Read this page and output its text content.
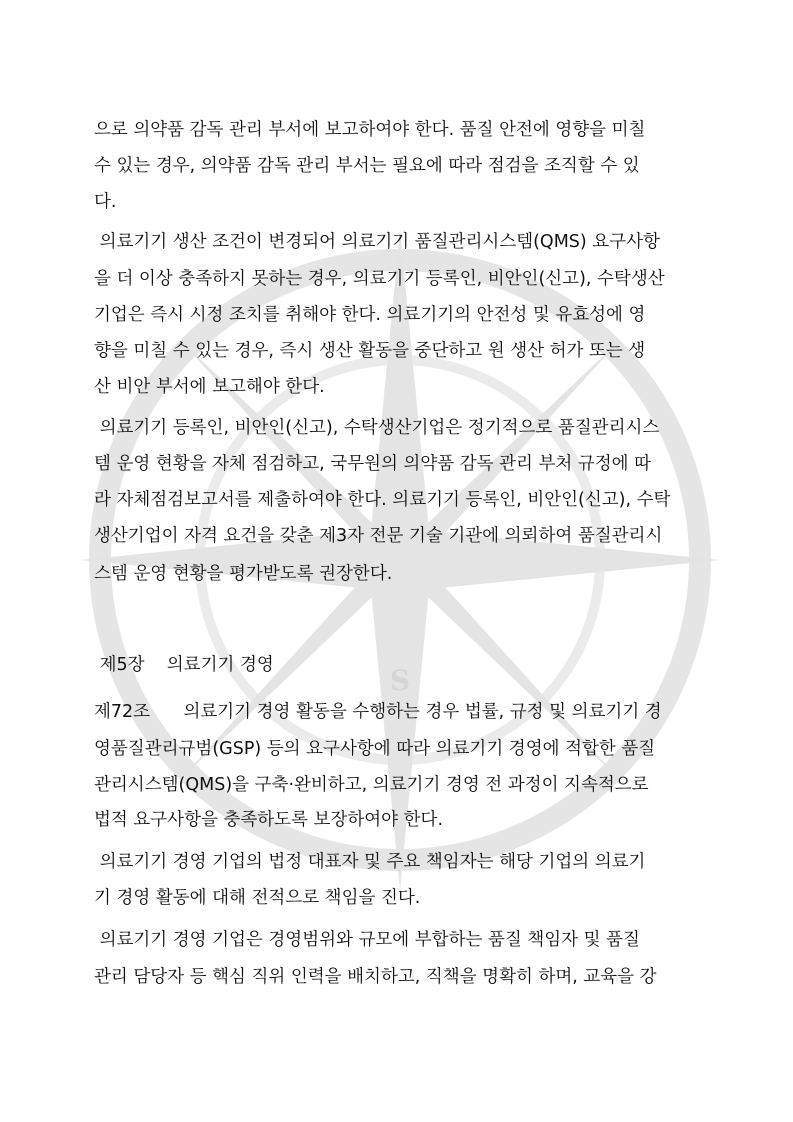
S
으로 의약품 감독 관리 부서에 보고하여야 한다. 품질 안전에 영향을 미칠
수 있는 경우, 의약품 감독 관리 부서는 필요에 따라 점검을 조직할 수 있
다.
의료기기 생산 조건이 변경되어 의료기기 품질관리시스템(QMS) 요구사항
을 더 이상 충족하지 못하는 경우, 의료기기 등록인, 비안인(신고), 수탁생산
기업은 즉시 시정 조치를 취해야 한다. 의료기기의 안전성 및 유효성에 영
향을 미칠 수 있는 경우, 즉시 생산 활동을 중단하고 원 생산 허가 또는 생
산 비안 부서에 보고해야 한다.
의료기기 등록인, 비안인(신고), 수탁생산기업은 정기적으로 품질관리시스
템 운영 현황을 자체 점검하고, 국무원의 의약품 감독 관리 부처 규정에 따
라 자체점검보고서를 제출하여야 한다. 의료기기 등록인, 비안인(신고), 수탁
생산기업이 자격 요건을 갖춘 제3자 전문 기술 기관에 의뢰하여 품질관리시
스템 운영 현황을 평가받도록 권장한다.
제5장    의료기기 경영
제72조      의료기기 경영 활동을 수행하는 경우 법률, 규정 및 의료기기 경
영품질관리규범(GSP) 등의 요구사항에 따라 의료기기 경영에 적합한 품질
관리시스템(QMS)을 구축·완비하고, 의료기기 경영 전 과정이 지속적으로
법적 요구사항을 충족하도록 보장하여야 한다.
의료기기 경영 기업의 법정 대표자 및 주요 책임자는 해당 기업의 의료기
기 경영 활동에 대해 전적으로 책임을 진다.
의료기기 경영 기업은 경영범위와 규모에 부합하는 품질 책임자 및 품질
관리 담당자 등 핵심 직위 인력을 배치하고, 직책을 명확히 하며, 교육을 강
